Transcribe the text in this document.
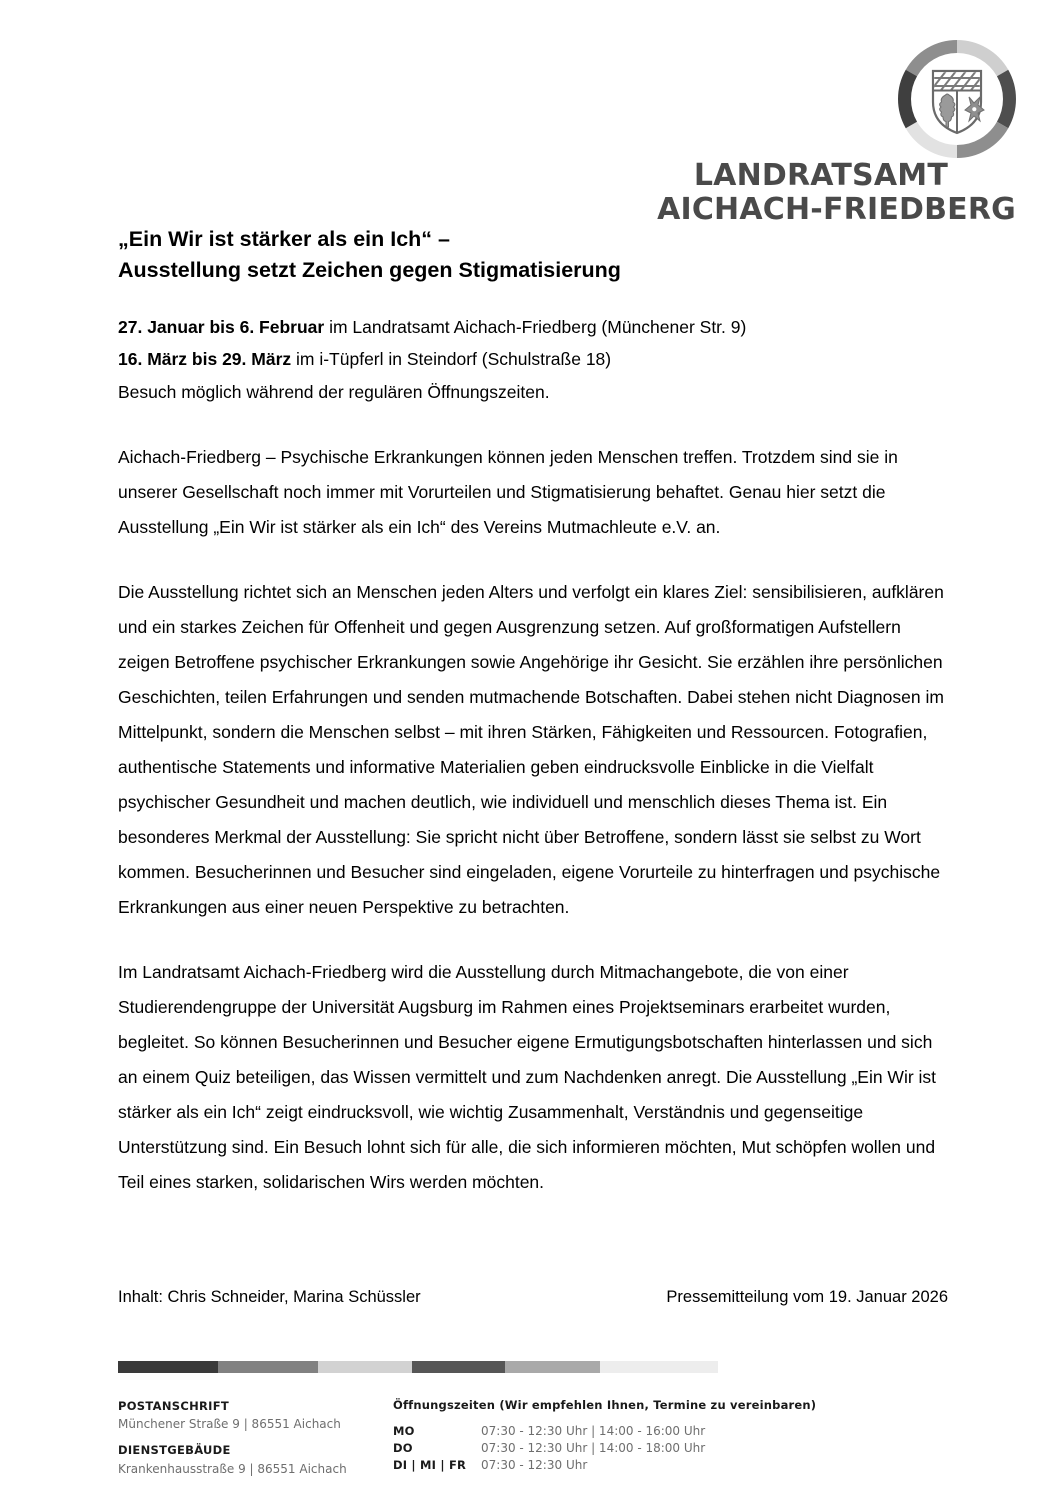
LANDRATSAMT
AICHACH-FRIEDBERG
„Ein Wir ist stärker als ein Ich“ –
Ausstellung setzt Zeichen gegen Stigmatisierung

27. Januar bis 6. Februar im Landratsamt Aichach-Friedberg (Münchener Str. 9)

16. März bis 29. März im i-Tüpferl in Steindorf (Schulstraße 18)

Besuch möglich während der regulären Öffnungszeiten.

Aichach-Friedberg – Psychische Erkrankungen können jeden Menschen treffen. Trotzdem sind sie in unserer Gesellschaft noch immer mit Vorurteilen und Stigmatisierung behaftet. Genau hier setzt die Ausstellung „Ein Wir ist stärker als ein Ich“ des Vereins Mutmachleute e.V. an.

Die Ausstellung richtet sich an Menschen jeden Alters und verfolgt ein klares Ziel: sensibilisieren, aufklären und ein starkes Zeichen für Offenheit und gegen Ausgrenzung setzen. Auf großformatigen Aufstellern zeigen Betroffene psychischer Erkrankungen sowie Angehörige ihr Gesicht. Sie erzählen ihre persönlichen Geschichten, teilen Erfahrungen und senden mutmachende Botschaften. Dabei stehen nicht Diagnosen im Mittelpunkt, sondern die Menschen selbst – mit ihren Stärken, Fähigkeiten und Ressourcen. Fotografien, authentische Statements und informative Materialien geben eindrucksvolle Einblicke in die Vielfalt psychischer Gesundheit und machen deutlich, wie individuell und menschlich dieses Thema ist. Ein besonderes Merkmal der Ausstellung: Sie spricht nicht über Betroffene, sondern lässt sie selbst zu Wort kommen. Besucherinnen und Besucher sind eingeladen, eigene Vorurteile zu hinterfragen und psychische Erkrankungen aus einer neuen Perspektive zu betrachten.

Im Landratsamt Aichach-Friedberg wird die Ausstellung durch Mitmachangebote, die von einer Studierendengruppe der Universität Augsburg im Rahmen eines Projektseminars erarbeitet wurden, begleitet. So können Besucherinnen und Besucher eigene Ermutigungsbotschaften hinterlassen und sich an einem Quiz beteiligen, das Wissen vermittelt und zum Nachdenken anregt. Die Ausstellung „Ein Wir ist stärker als ein Ich“ zeigt eindrucksvoll, wie wichtig Zusammenhalt, Verständnis und gegenseitige Unterstützung sind. Ein Besuch lohnt sich für alle, die sich informieren möchten, Mut schöpfen wollen und Teil eines starken, solidarischen Wirs werden möchten.

Inhalt: Chris Schneider, Marina Schüssler	Pressemitteilung vom 19. Januar 2026
POSTANSCHRIFT
Münchener Straße 9 | 86551 Aichach
DIENSTGEBÄUDE
Krankenhausstraße 9 | 86551 Aichach
Öffnungszeiten (Wir empfehlen Ihnen, Termine zu vereinbaren)
MO	07:30 - 12:30 Uhr | 14:00 - 16:00 Uhr
DO	07:30 - 12:30 Uhr | 14:00 - 18:00 Uhr
DI | MI | FR	07:30 - 12:30 Uhr
